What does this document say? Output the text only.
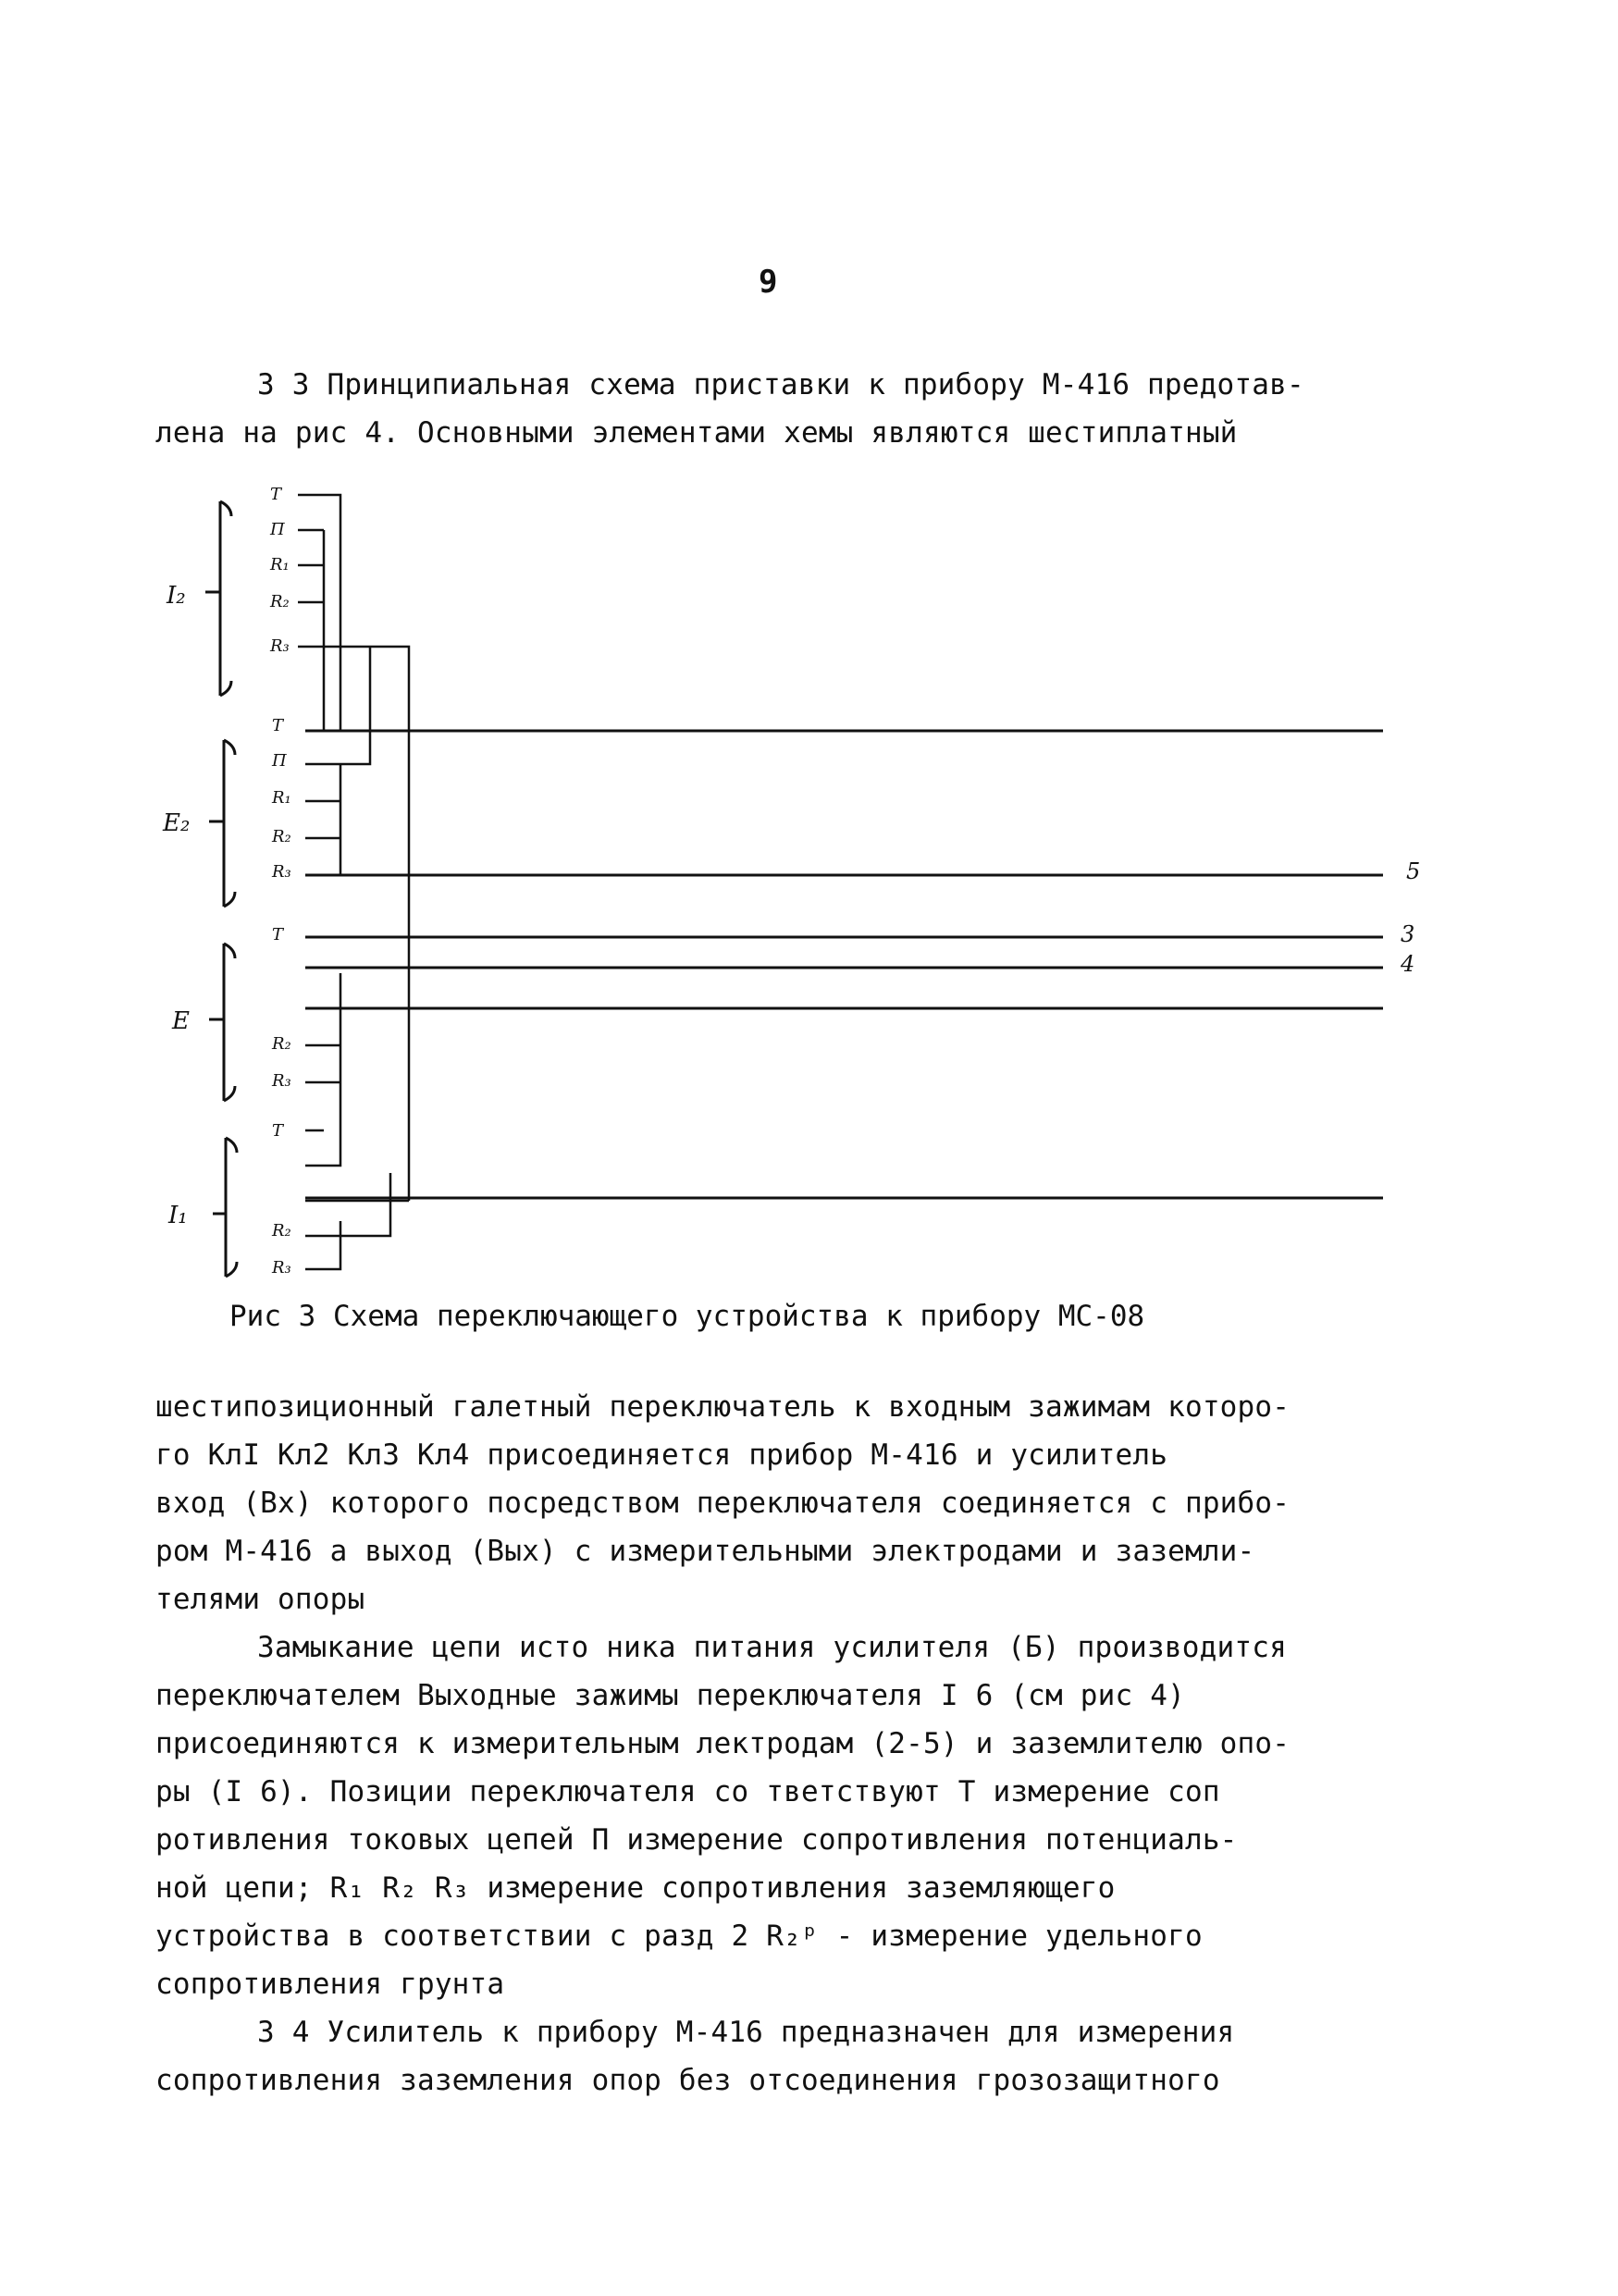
9
3 3 Принципиальная схема приставки к прибору М-416 предотав-
лена на рис 4. Основными элементами хемы являются шестиплатный
I₂
E₂
E
I₁
T
П
R₁
R₂
R₃
T
П
R₁
R₂
R₃
T
R₂
R₃
T
R₂
R₃
5
3
4
Рис 3 Схема переключающего устройства к прибору МС-08
шестипозиционный галетный переключатель к входным зажимам которо-
го КлI Кл2 Кл3 Кл4 присоединяется прибор М-416 и усилитель
вход (Вх) которого посредством переключателя соединяется с прибо-
ром М-416 а выход (Вых) с измерительными электродами и заземли-
телями опоры
Замыкание цепи исто ника питания усилителя (Б) производится
переключателем Выходные зажимы переключателя I 6 (см рис 4)
присоединяются к измерительным лектродам (2-5) и заземлителю опо-
ры (I 6). Позиции переключателя со тветствуют Т измерение соп
ротивления токовых цепей П измерение сопротивления потенциаль-
ной цепи; R₁ R₂ R₃ измерение сопротивления заземляющего
устройства в соответствии с разд 2 R₂ᵖ - измерение удельного
сопротивления грунта
3 4 Усилитель к прибору М-416 предназначен для измерения
сопротивления заземления опор без отсоединения грозозащитного
